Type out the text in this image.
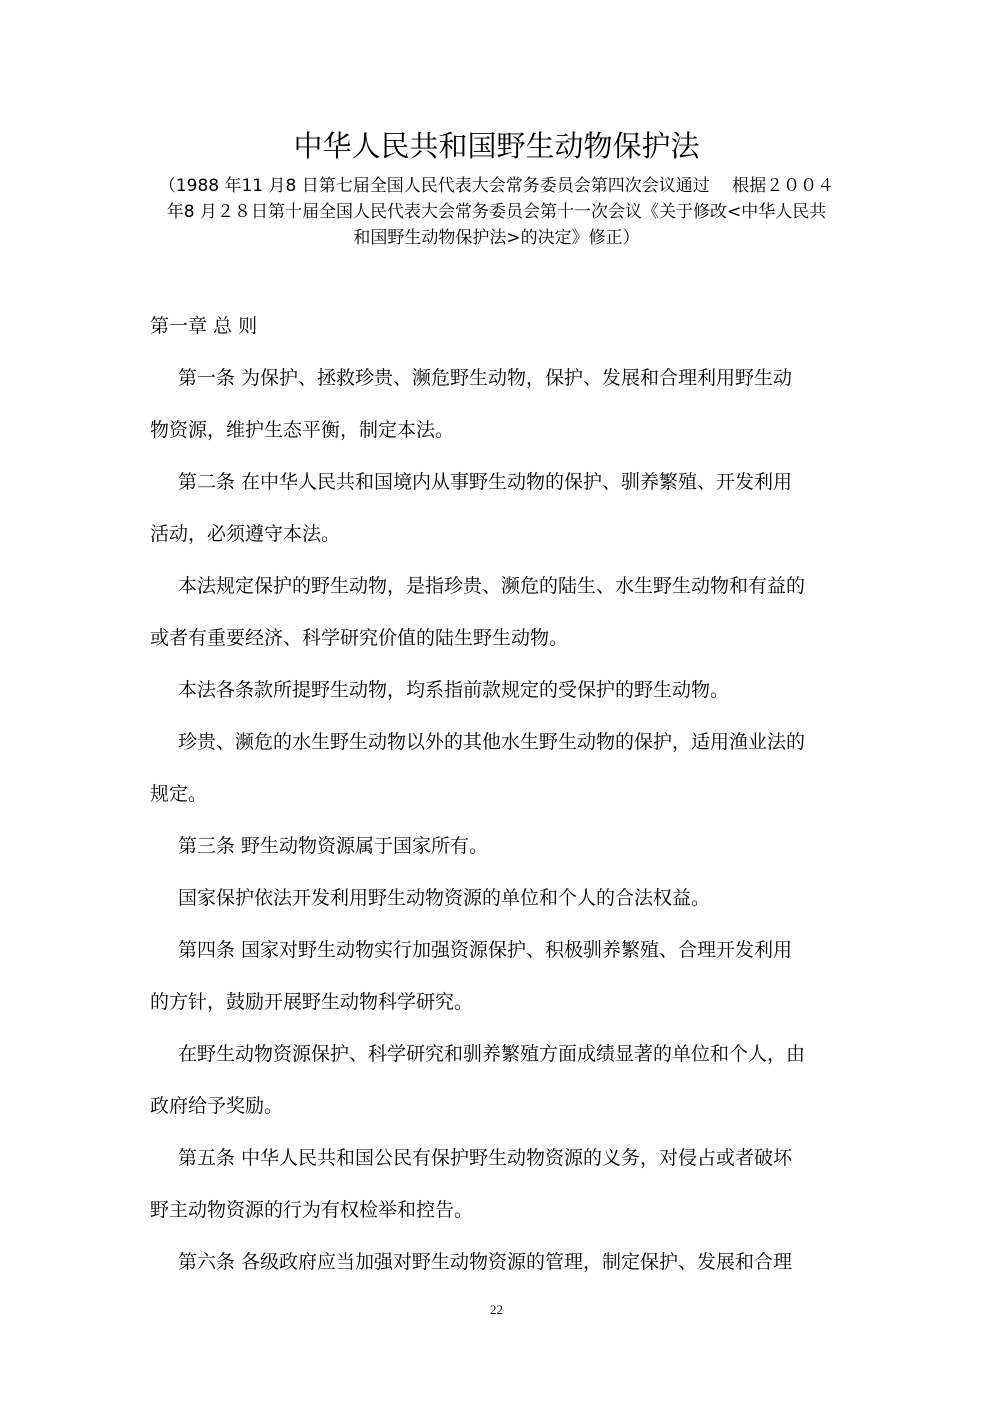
中华人民共和国野生动物保护法
（1988 年11 月8 日第七届全国人民代表大会常务委员会第四次会议通过　 根据２００４
年8 月２８日第十届全国人民代表大会常务委员会第十一次会议《关于修改<中华人民共
和国野生动物保护法>的决定》修正）
第一章 总 则
第一条 为保护、拯救珍贵、濒危野生动物，保护、发展和合理利用野生动
物资源，维护生态平衡，制定本法。
第二条 在中华人民共和国境内从事野生动物的保护、驯养繁殖、开发利用
活动，必须遵守本法。
本法规定保护的野生动物，是指珍贵、濒危的陆生、水生野生动物和有益的
或者有重要经济、科学研究价值的陆生野生动物。
本法各条款所提野生动物，均系指前款规定的受保护的野生动物。
珍贵、濒危的水生野生动物以外的其他水生野生动物的保护，适用渔业法的
规定。
第三条 野生动物资源属于国家所有。
国家保护依法开发利用野生动物资源的单位和个人的合法权益。
第四条 国家对野生动物实行加强资源保护、积极驯养繁殖、合理开发利用
的方针，鼓励开展野生动物科学研究。
在野生动物资源保护、科学研究和驯养繁殖方面成绩显著的单位和个人，由
政府给予奖励。
第五条 中华人民共和国公民有保护野生动物资源的义务，对侵占或者破坏
野主动物资源的行为有权检举和控告。
第六条 各级政府应当加强对野生动物资源的管理，制定保护、发展和合理
22
